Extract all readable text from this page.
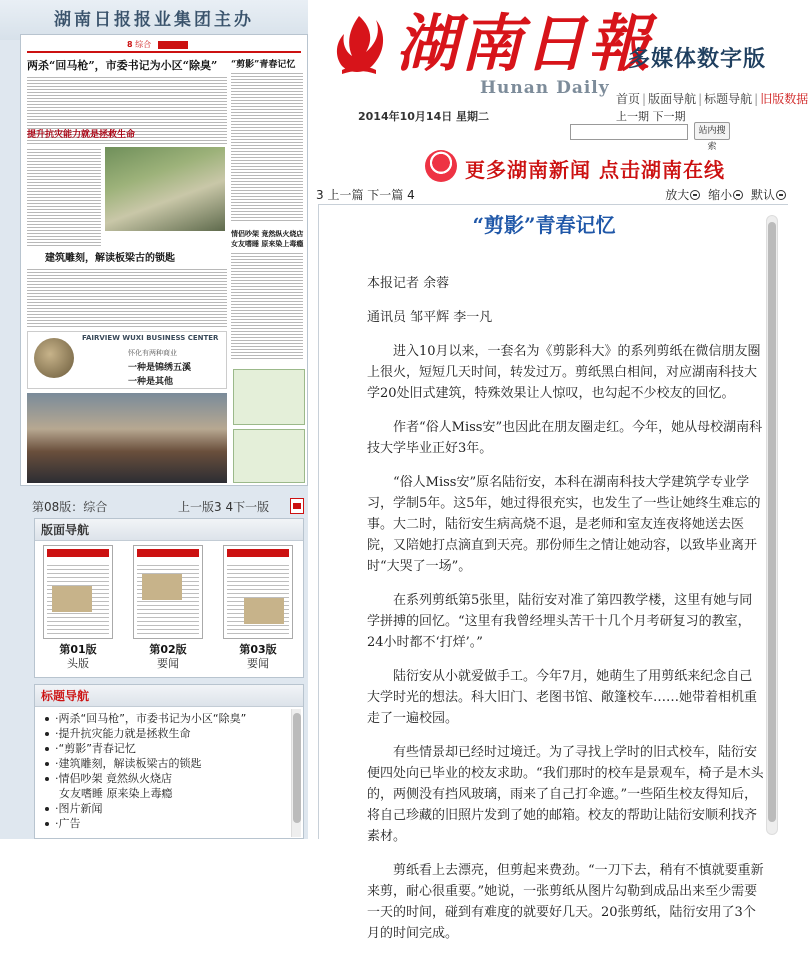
湖南日报报业集团主办
8 综合
两杀“回马枪”，市委书记为小区“除臭” “剪影”青春记忆
提升抗灾能力就是拯救生命
建筑雕刻，解读板梁古的锁匙
情侣吵架 竟然纵火烧店
女友嗜睡 原来染上毒瘾
FAIRVIEW WUXI BUSINESS CENTER
怀化有两种商业
一种是锦绣五溪
一种是其他
第08版：综合	上一版3 4下一版
版面导航
第01版
头版
第02版
要闻
第03版
要闻
标题导航
·两杀“回马枪”，市委书记为小区“除臭”
·提升抗灾能力就是拯救生命
·“剪影”青春记忆
·建筑雕刻，解读板梁古的锁匙
·情侣吵架 竟然纵火烧店
女友嗜睡 原来染上毒瘾
·图片新闻
·广告
湖南日報
Hunan Daily
多媒体数字版
首页 | 版面导航 | 标题导航 | 旧版数据
2014年10月14日 星期二	上一期 下一期
站内搜索
更多湖南新闻 点击湖南在线
3 上一篇 下一篇 4	放大 缩小 默认
“剪影”青春记忆

本报记者 余蓉

通讯员 邹平辉 李一凡

进入10月以来，一套名为《剪影科大》的系列剪纸在微信朋友圈上很火，短短几天时间，转发过万。剪纸黑白相间，对应湖南科技大学20处旧式建筑，特殊效果让人惊叹，也勾起不少校友的回忆。

作者“俗人Miss安”也因此在朋友圈走红。今年，她从母校湖南科技大学毕业正好3年。

“俗人Miss安”原名陆衍安，本科在湖南科技大学建筑学专业学习，学制5年。这5年，她过得很充实，也发生了一些让她终生难忘的事。大二时，陆衍安生病高烧不退，是老师和室友连夜将她送去医院，又陪她打点滴直到天亮。那份师生之情让她动容，以致毕业离开时“大哭了一场”。

在系列剪纸第5张里，陆衍安对准了第四教学楼，这里有她与同学拼搏的回忆。“这里有我曾经埋头苦干十几个月考研复习的教室，24小时都不‘打烊’。”

陆衍安从小就爱做手工。今年7月，她萌生了用剪纸来纪念自己大学时光的想法。科大旧门、老图书馆、敞篷校车……她带着相机重走了一遍校园。

有些情景却已经时过境迁。为了寻找上学时的旧式校车，陆衍安便四处向已毕业的校友求助。“我们那时的校车是景观车，椅子是木头的，两侧没有挡风玻璃，雨来了自己打伞遮。”一些陌生校友得知后，将自己珍藏的旧照片发到了她的邮箱。校友的帮助让陆衍安顺利找齐素材。

剪纸看上去漂亮，但剪起来费劲。“一刀下去，稍有不慎就要重新来剪，耐心很重要。”她说，一张剪纸从图片勾勒到成品出来至少需要一天的时间，碰到有难度的就要好几天。20张剪纸，陆衍安用了3个月的时间完成。
